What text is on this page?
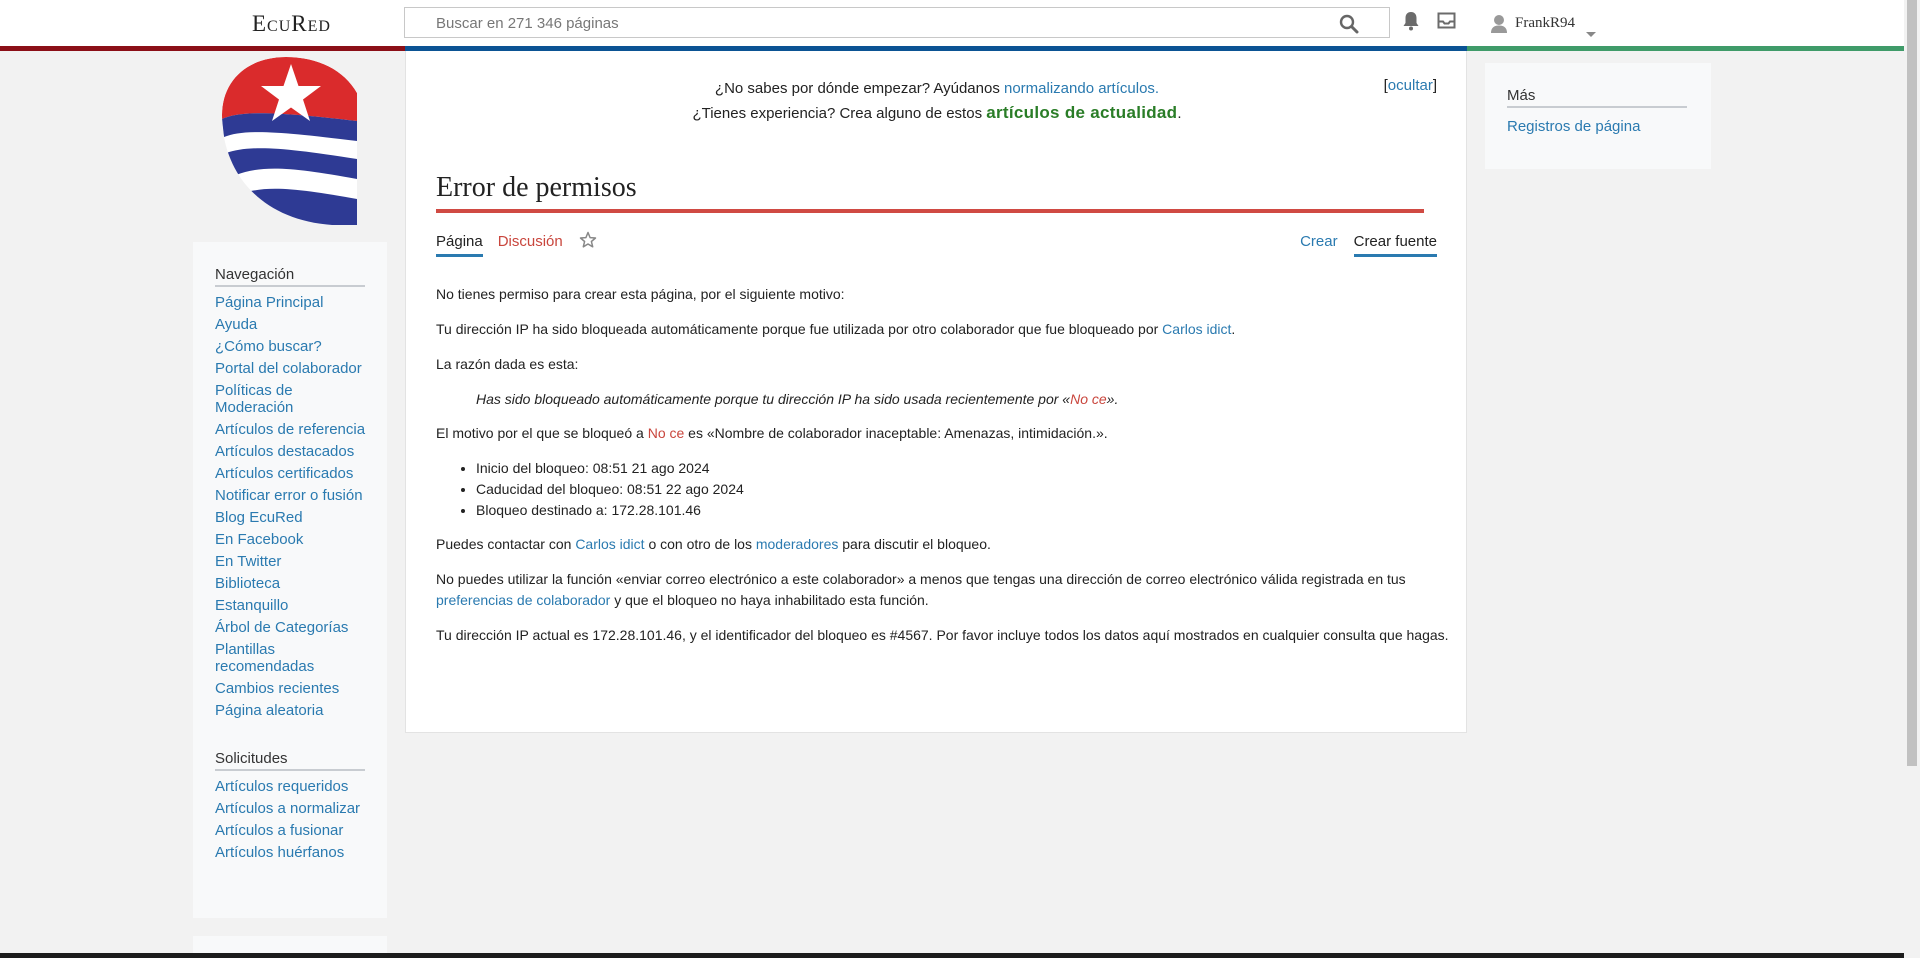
EcuRed
Buscar en 271 346 páginas	FrankR94
Navegación
Página Principal
Ayuda
¿Cómo buscar?
Portal del colaborador
Políticas de Moderación
Artículos de referencia
Artículos destacados
Artículos certificados
Notificar error o fusión
Blog EcuRed
En Facebook
En Twitter
Biblioteca
Estanquillo
Árbol de Categorías
Plantillas recomendadas
Cambios recientes
Página aleatoria
Solicitudes
Artículos requeridos
Artículos a normalizar
Artículos a fusionar
Artículos huérfanos
¿No sabes por dónde empezar? Ayúdanos normalizando artículos.
¿Tienes experiencia? Crea alguno de estos artículos de actualidad.
[ocultar]
Error de permisos
Página Discusión	Crear Crear fuente

No tienes permiso para crear esta página, por el siguiente motivo:

Tu dirección IP ha sido bloqueada automáticamente porque fue utilizada por otro colaborador que fue bloqueado por Carlos idict.

La razón dada es esta:

Has sido bloqueado automáticamente porque tu dirección IP ha sido usada recientemente por «No ce».

El motivo por el que se bloqueó a No ce es «Nombre de colaborador inaceptable: Amenazas, intimidación.».

• Inicio del bloqueo: 08:51 21 ago 2024
• Caducidad del bloqueo: 08:51 22 ago 2024
• Bloqueo destinado a: 172.28.101.46

Puedes contactar con Carlos idict o con otro de los moderadores para discutir el bloqueo.

No puedes utilizar la función «enviar correo electrónico a este colaborador» a menos que tengas una dirección de correo electrónico válida registrada en tus preferencias de colaborador y que el bloqueo no haya inhabilitado esta función.

Tu dirección IP actual es 172.28.101.46, y el identificador del bloqueo es #4567. Por favor incluye todos los datos aquí mostrados en cualquier consulta que hagas.

Más
Registros de página
